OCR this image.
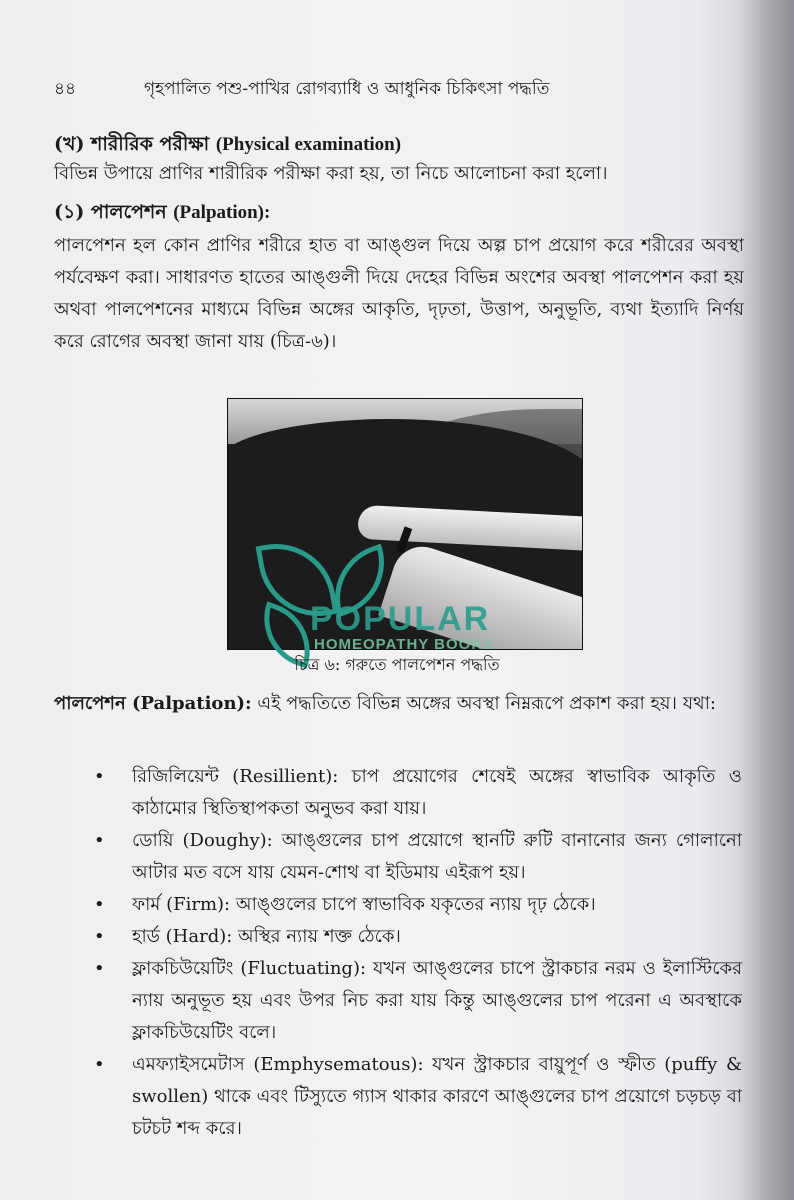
৪৪	গৃহপালিত পশু-পাখির রোগব্যাধি ও আধুনিক চিকিৎসা পদ্ধতি
(খ) শারীরিক পরীক্ষা (Physical examination)
বিভিন্ন উপায়ে প্রাণির শারীরিক পরীক্ষা করা হয়, তা নিচে আলোচনা করা হলো।
(১) পালপেশন (Palpation):
পালপেশন হল কোন প্রাণির শরীরে হাত বা আঙ্গুল দিয়ে অল্প চাপ প্রয়োগ করে শরীরের অবস্থা পর্যবেক্ষণ করা। সাধারণত হাতের আঙ্গুলী দিয়ে দেহের বিভিন্ন অংশের অবস্থা পালপেশন করা হয় অথবা পালপেশনের মাধ্যমে বিভিন্ন অঙ্গের আকৃতি, দৃঢ়তা, উত্তাপ, অনুভূতি, ব্যথা ইত্যাদি নির্ণয় করে রোগের অবস্থা জানা যায় (চিত্র-৬)।
POPULAR
HOMEOPATHY BOOKS
চিত্র ৬: গরুতে পালপেশন পদ্ধতি
পালপেশন (Palpation): এই পদ্ধতিতে বিভিন্ন অঙ্গের অবস্থা নিম্নরূপে প্রকাশ করা হয়। যথা:
• রিজিলিয়েন্ট (Resillient): চাপ প্রয়োগের শেষেই অঙ্গের স্বাভাবিক আকৃতি ও কাঠামোর স্থিতিস্থাপকতা অনুভব করা যায়।
• ডোয়ি (Doughy): আঙ্গুলের চাপ প্রয়োগে স্থানটি রুটি বানানোর জন্য গোলানো আটার মত বসে যায় যেমন-শোথ বা ইডিমায় এইরূপ হয়।
• ফার্ম (Firm): আঙ্গুলের চাপে স্বাভাবিক যকৃতের ন্যায় দৃঢ় ঠেকে।
• হার্ড (Hard): অস্থির ন্যায় শক্ত ঠেকে।
• ফ্লাকচিউয়েটিং (Fluctuating): যখন আঙ্গুলের চাপে স্ট্রাকচার নরম ও ইলাস্টিকের ন্যায় অনুভূত হয় এবং উপর নিচ করা যায় কিন্তু আঙ্গুলের চাপ পরেনা এ অবস্থাকে ফ্লাকচিউয়েটিং বলে।
• এমফ্যাইসমেটাস (Emphysematous): যখন স্ট্রাকচার বায়ুপূর্ণ ও স্ফীত (puffy & swollen) থাকে এবং টিস্যুতে গ্যাস থাকার কারণে আঙ্গুলের চাপ প্রয়োগে চড়চড় বা চটচট শব্দ করে।
